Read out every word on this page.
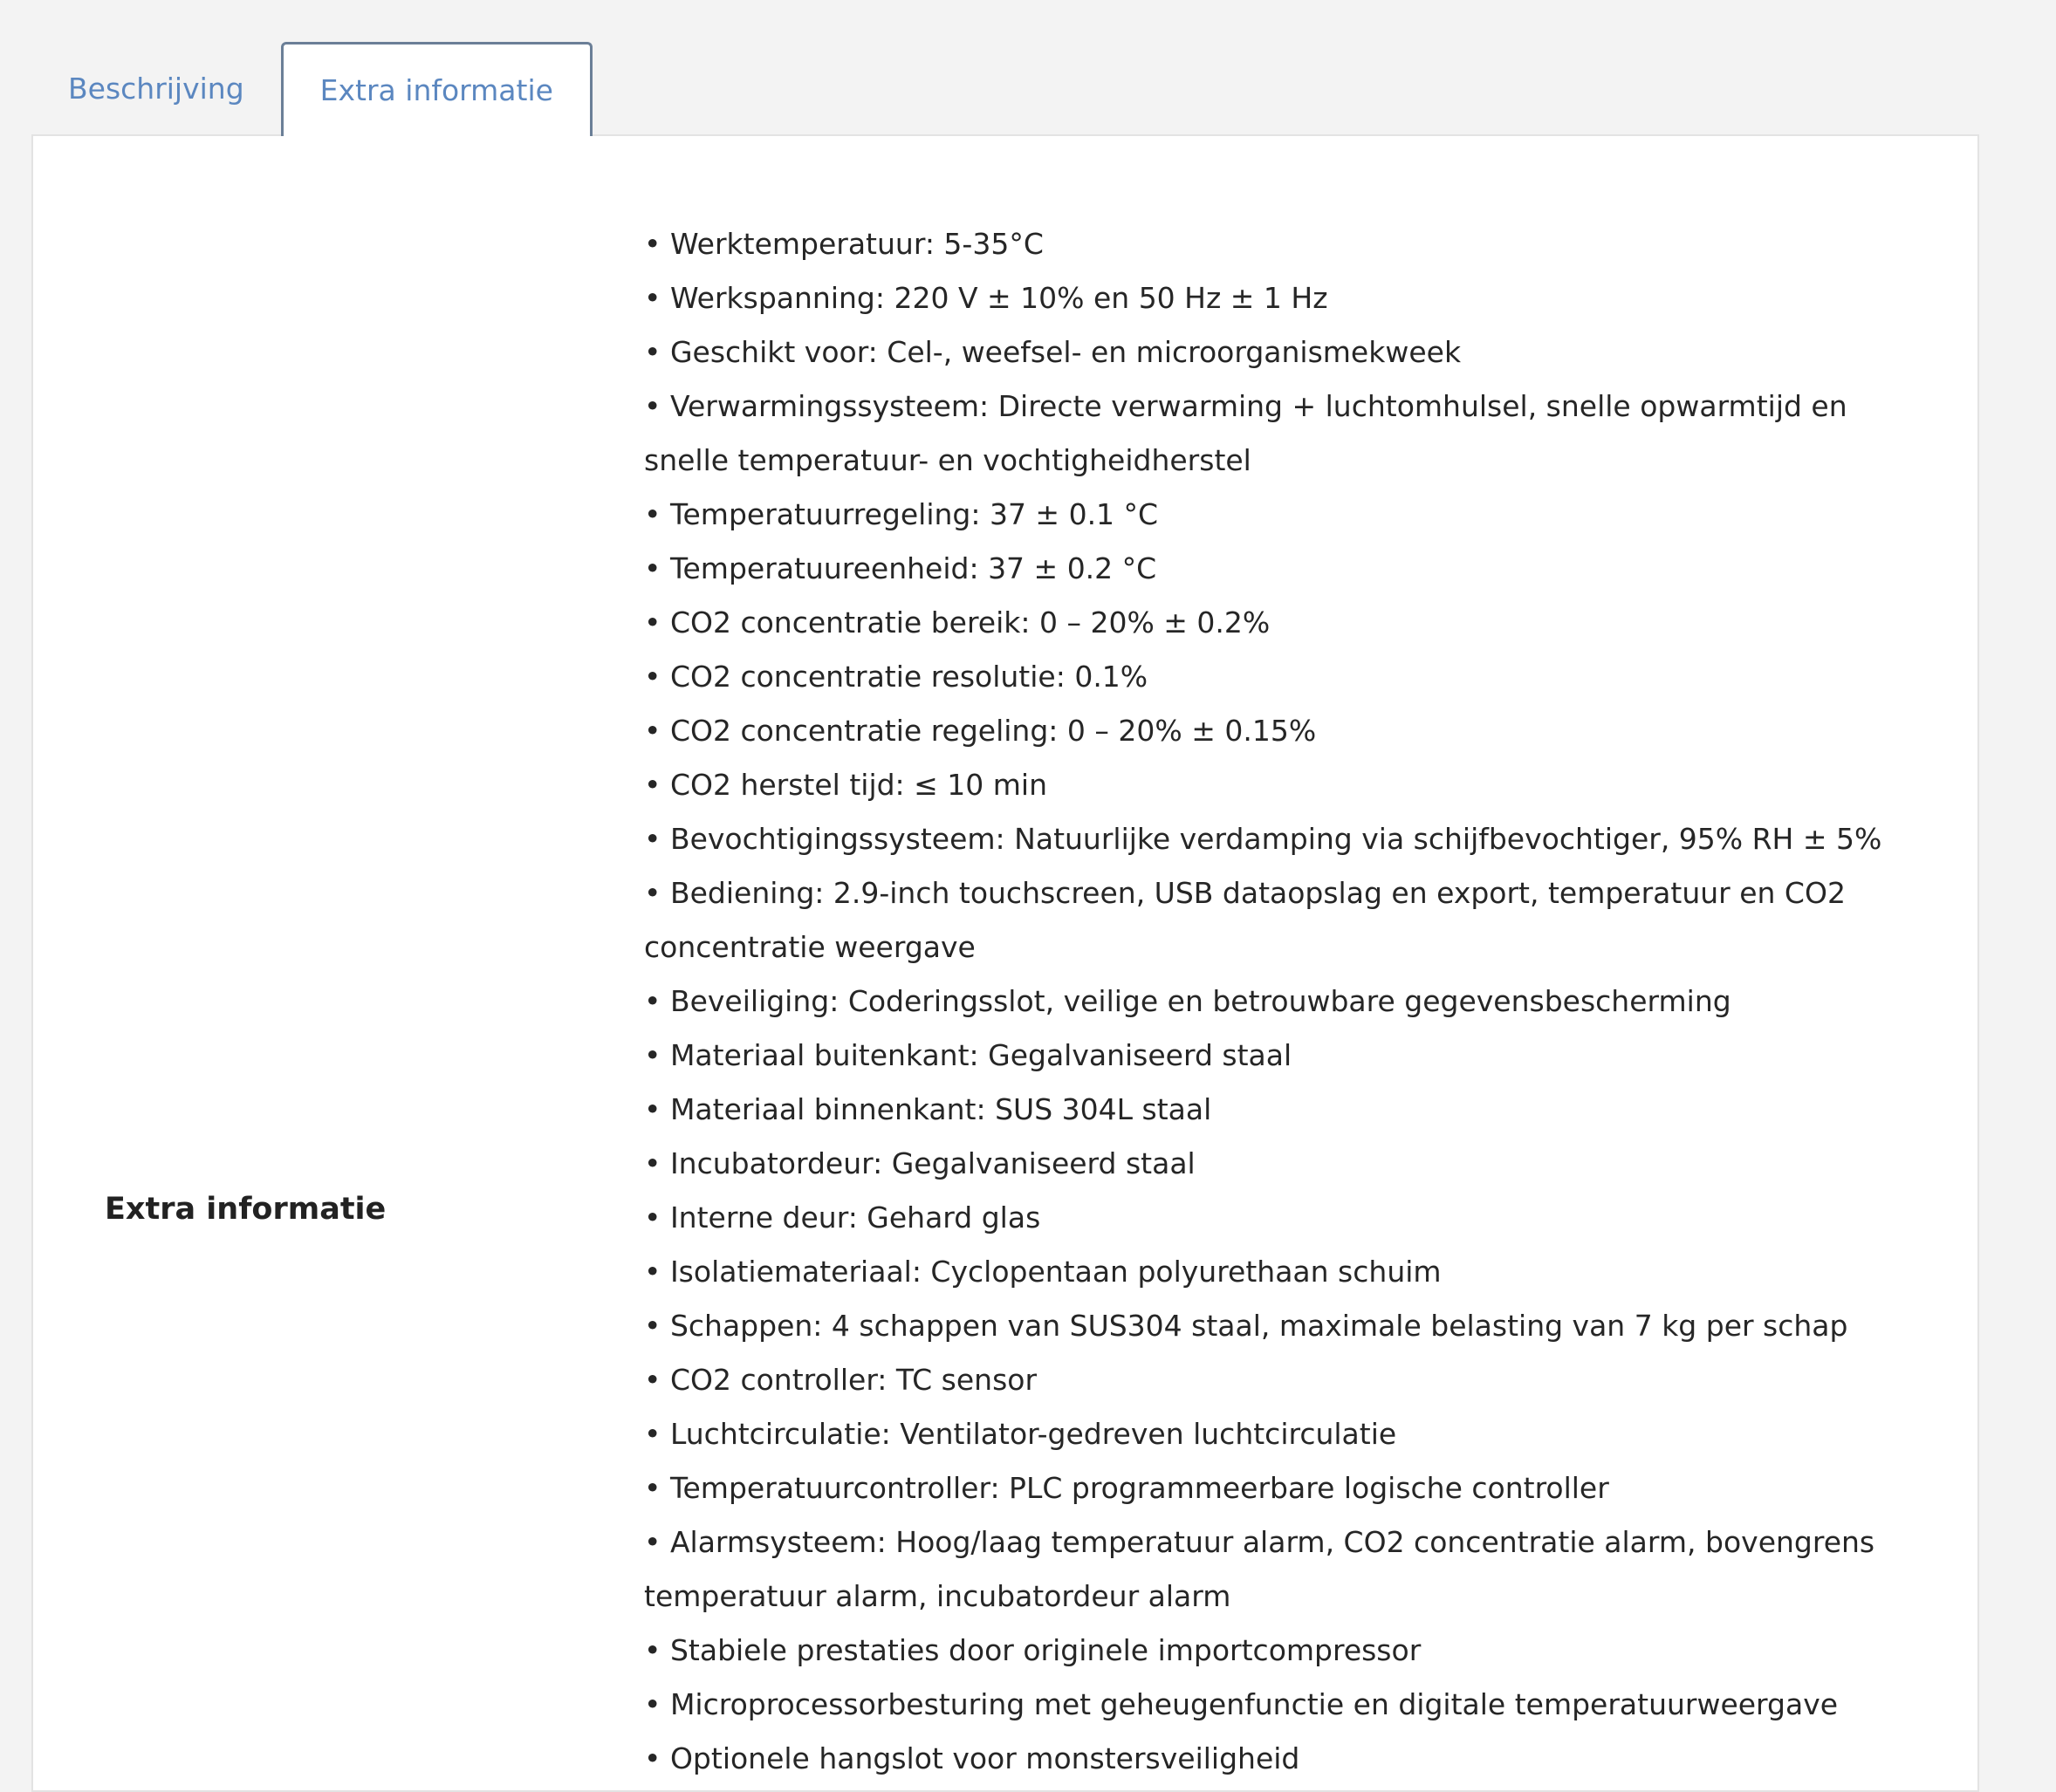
Beschrijving	Extra informatie
Extra informatie
• Werktemperatuur: 5-35°C
• Werkspanning: 220 V ± 10% en 50 Hz ± 1 Hz
• Geschikt voor: Cel-, weefsel- en microorganismekweek
• Verwarmingssysteem: Directe verwarming + luchtomhulsel, snelle opwarmtijd en snelle temperatuur- en vochtigheidherstel
• Temperatuurregeling: 37 ± 0.1 °C
• Temperatuureenheid: 37 ± 0.2 °C
• CO2 concentratie bereik: 0 – 20% ± 0.2%
• CO2 concentratie resolutie: 0.1%
• CO2 concentratie regeling: 0 – 20% ± 0.15%
• CO2 herstel tijd: ≤ 10 min
• Bevochtigingssysteem: Natuurlijke verdamping via schijfbevochtiger, 95% RH ± 5%
• Bediening: 2.9-inch touchscreen, USB dataopslag en export, temperatuur en CO2 concentratie weergave
• Beveiliging: Coderingsslot, veilige en betrouwbare gegevensbescherming
• Materiaal buitenkant: Gegalvaniseerd staal
• Materiaal binnenkant: SUS 304L staal
• Incubatordeur: Gegalvaniseerd staal
• Interne deur: Gehard glas
• Isolatiemateriaal: Cyclopentaan polyurethaan schuim
• Schappen: 4 schappen van SUS304 staal, maximale belasting van 7 kg per schap
• CO2 controller: TC sensor
• Luchtcirculatie: Ventilator-gedreven luchtcirculatie
• Temperatuurcontroller: PLC programmeerbare logische controller
• Alarmsysteem: Hoog/laag temperatuur alarm, CO2 concentratie alarm, bovengrens temperatuur alarm, incubatordeur alarm
• Stabiele prestaties door originele importcompressor
• Microprocessorbesturing met geheugenfunctie en digitale temperatuurweergave
• Optionele hangslot voor monstersveiligheid
